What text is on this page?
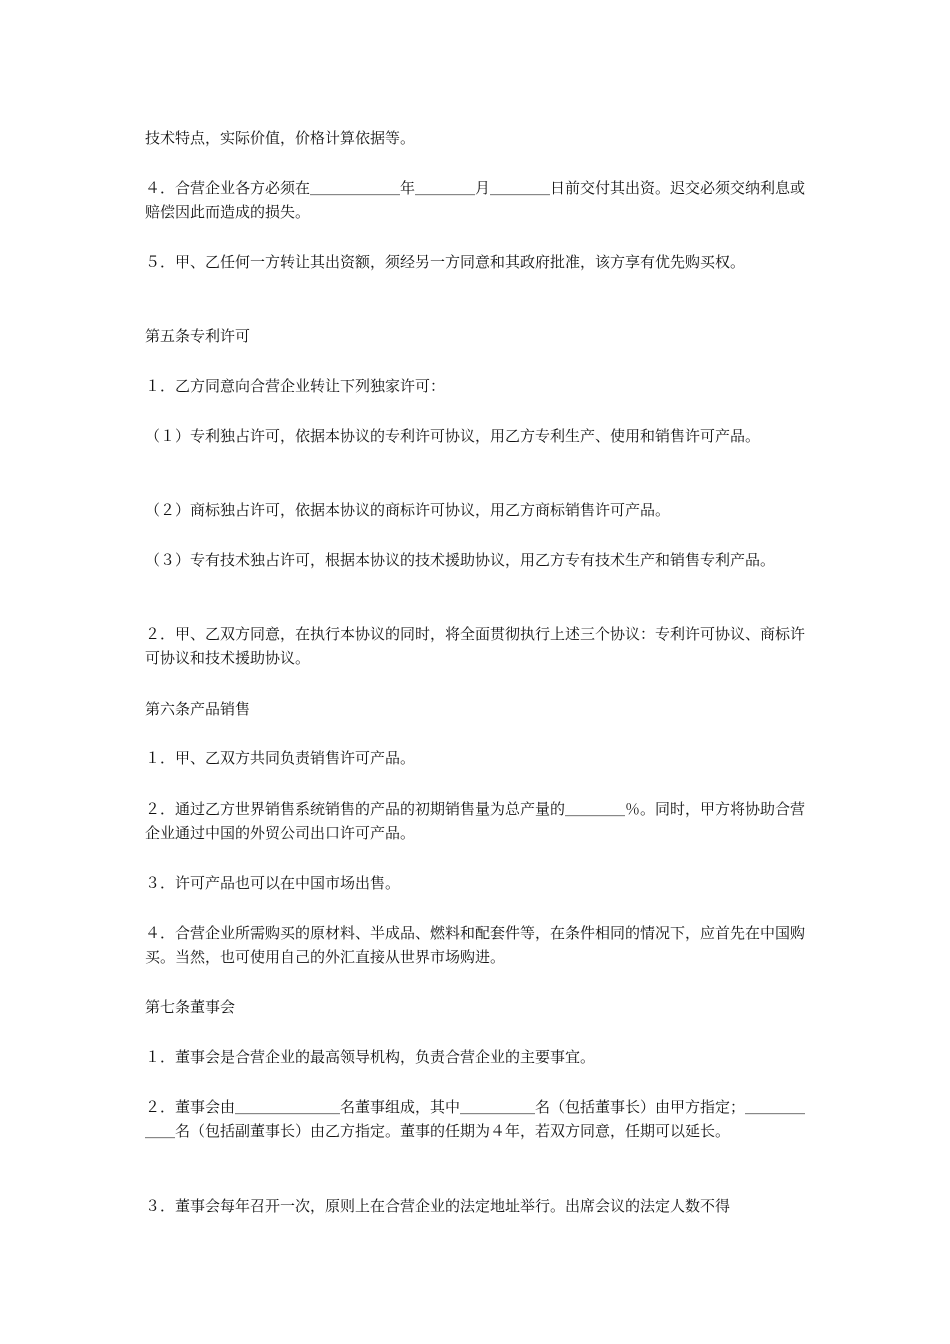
技术特点，实际价值，价格计算依据等。

４．合营企业各方必须在＿＿＿＿＿＿年＿＿＿＿月＿＿＿＿日前交付其出资。迟交必须交纳利息或赔偿因此而造成的损失。

５．甲、乙任何一方转让其出资额，须经另一方同意和其政府批准，该方享有优先购买权。

第五条专利许可

１．乙方同意向合营企业转让下列独家许可：

（１）专利独占许可，依据本协议的专利许可协议，用乙方专利生产、使用和销售许可产品。

（２）商标独占许可，依据本协议的商标许可协议，用乙方商标销售许可产品。

（３）专有技术独占许可，根据本协议的技术援助协议，用乙方专有技术生产和销售专利产品。

２．甲、乙双方同意，在执行本协议的同时，将全面贯彻执行上述三个协议：专利许可协议、商标许可协议和技术援助协议。

第六条产品销售

１．甲、乙双方共同负责销售许可产品。

２．通过乙方世界销售系统销售的产品的初期销售量为总产量的＿＿＿＿％。同时，甲方将协助合营企业通过中国的外贸公司出口许可产品。

３．许可产品也可以在中国市场出售。

４．合营企业所需购买的原材料、半成品、燃料和配套件等，在条件相同的情况下，应首先在中国购买。当然，也可使用自己的外汇直接从世界市场购进。

第七条董事会

１．董事会是合营企业的最高领导机构，负责合营企业的主要事宜。

２．董事会由＿＿＿＿＿＿＿名董事组成，其中＿＿＿＿＿名（包括董事长）由甲方指定；＿＿＿＿＿＿名（包括副董事长）由乙方指定。董事的任期为４年，若双方同意，任期可以延长。

３．董事会每年召开一次，原则上在合营企业的法定地址举行。出席会议的法定人数不得
